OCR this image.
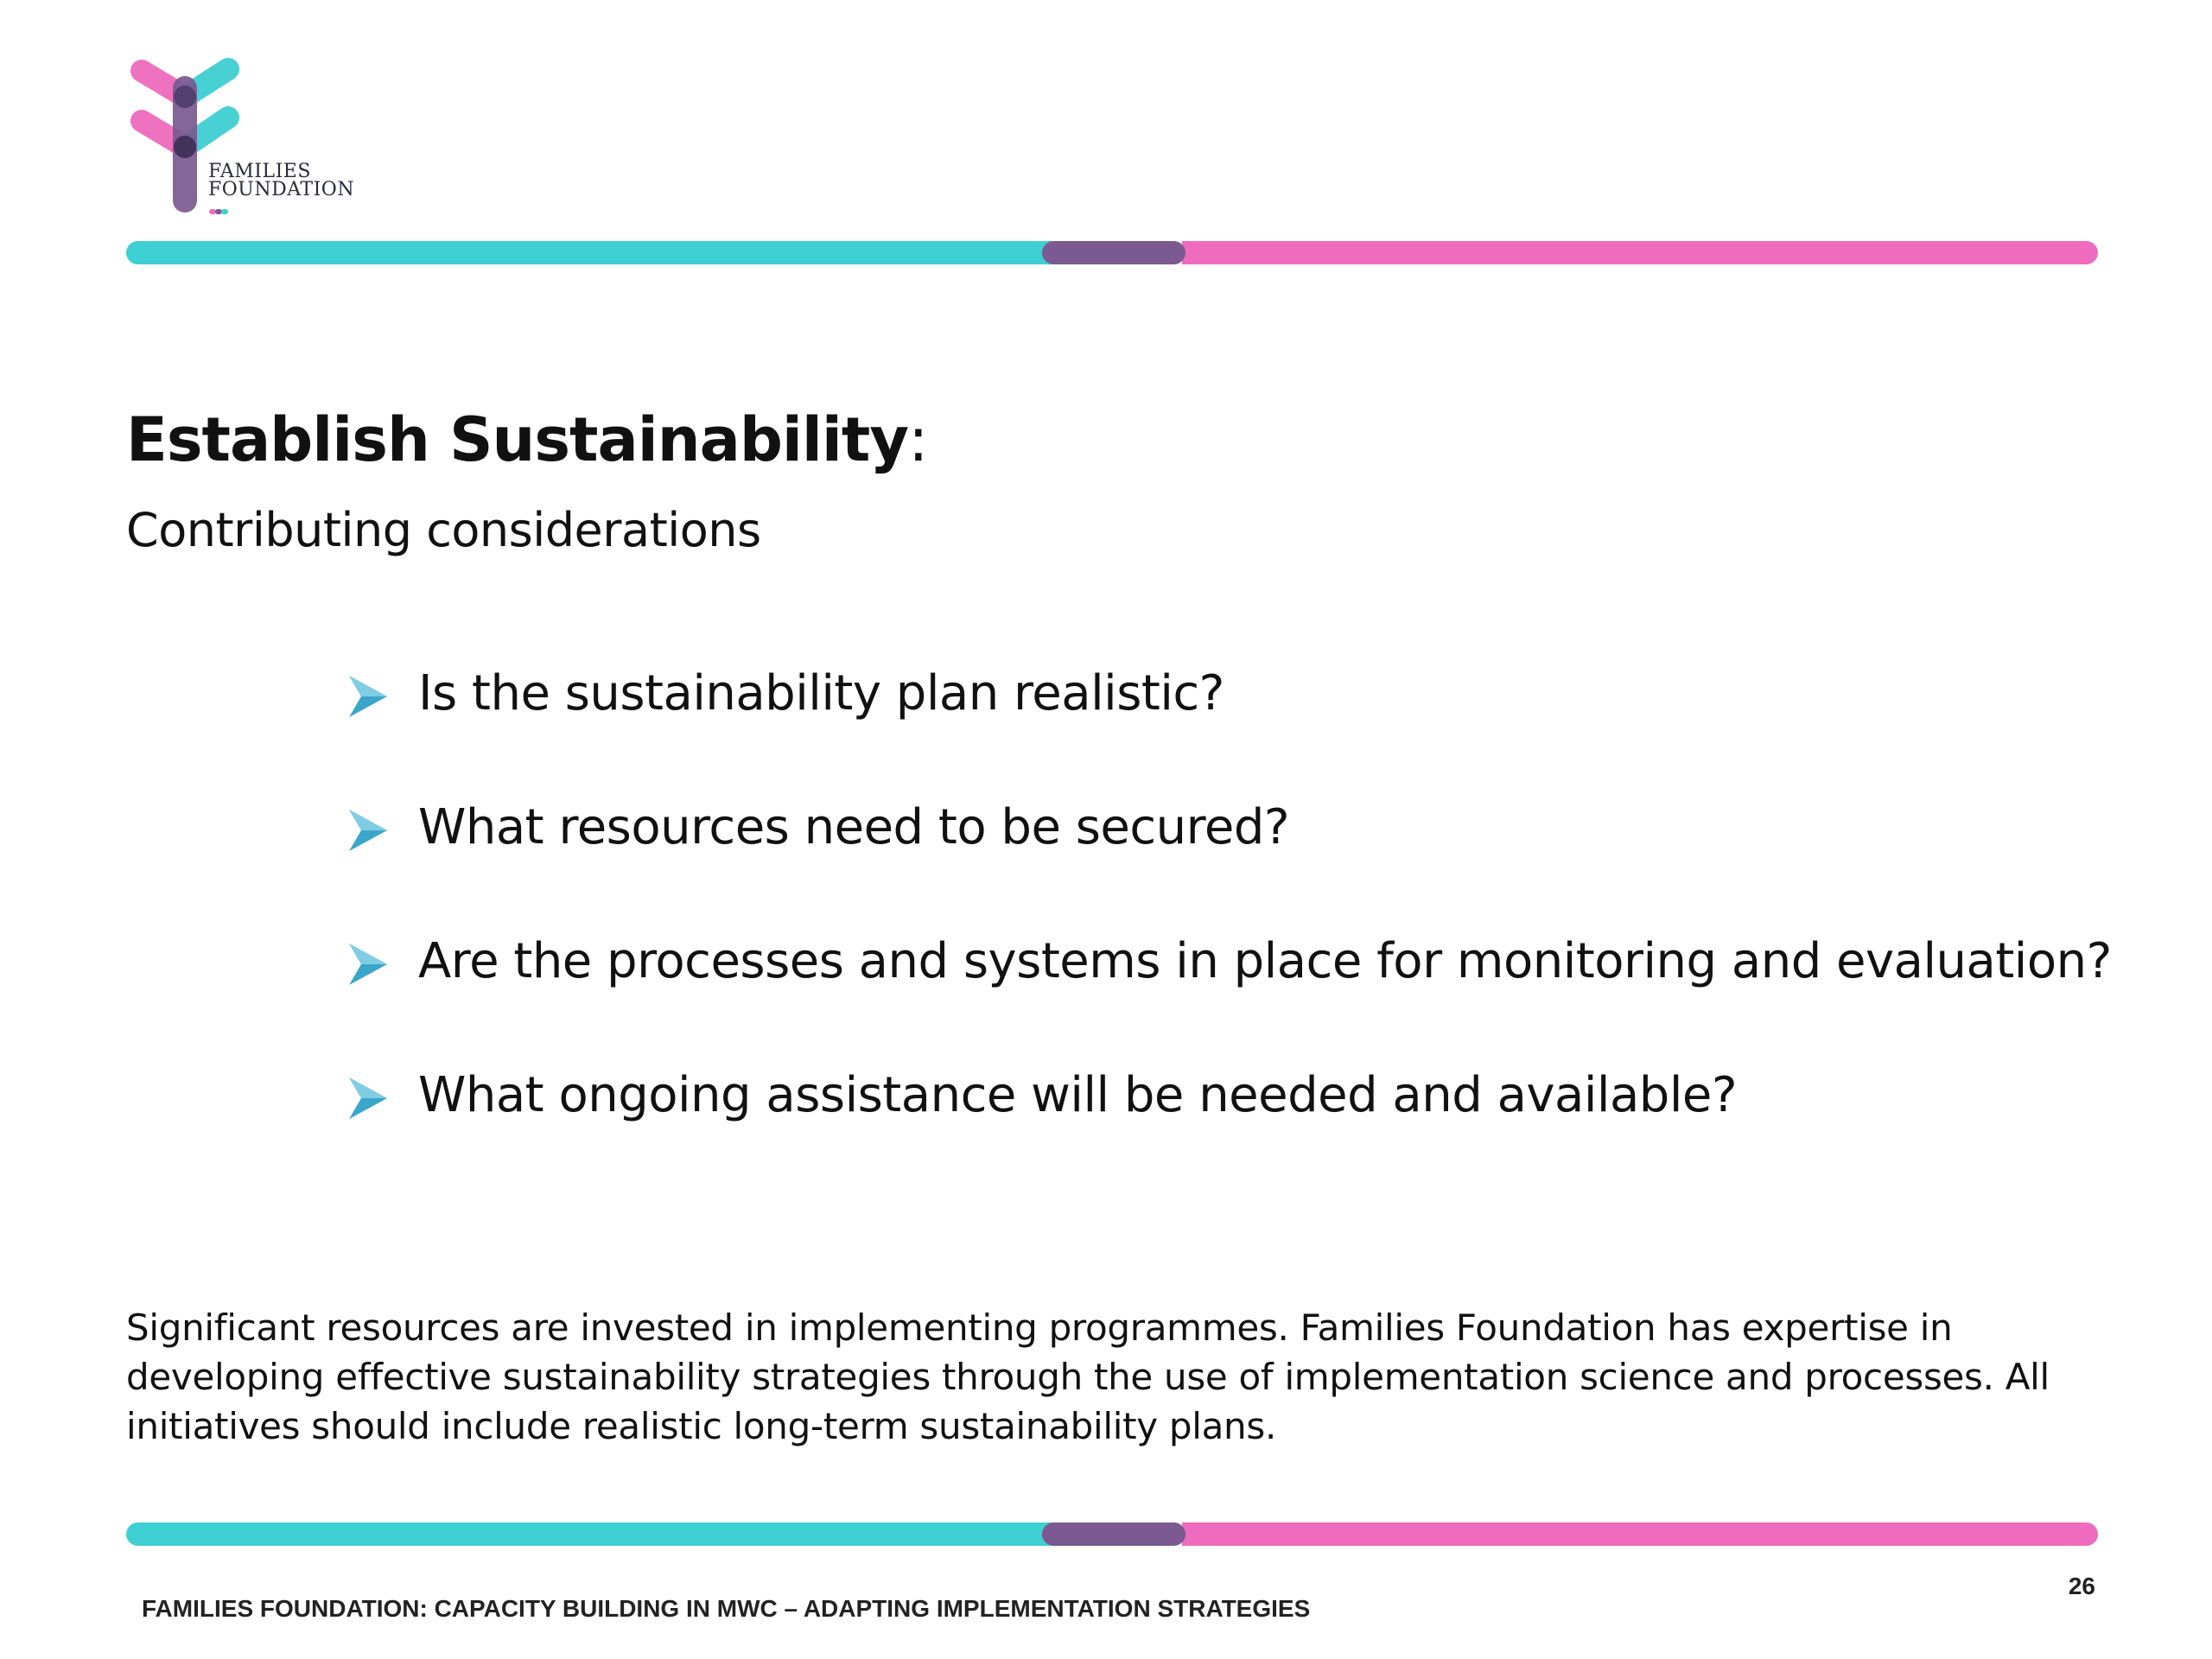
FAMILIES
FOUNDATION
Establish Sustainability:
Contributing considerations
Is the sustainability plan realistic?
What resources need to be secured?
Are the processes and systems in place for monitoring and evaluation?
What ongoing assistance will be needed and available?
Significant resources are invested in implementing programmes. Families Foundation has expertise in developing effective sustainability strategies through the use of implementation science and processes. All initiatives should include realistic long-term sustainability plans.
FAMILIES FOUNDATION: CAPACITY BUILDING IN MWC – ADAPTING IMPLEMENTATION STRATEGIES
26
